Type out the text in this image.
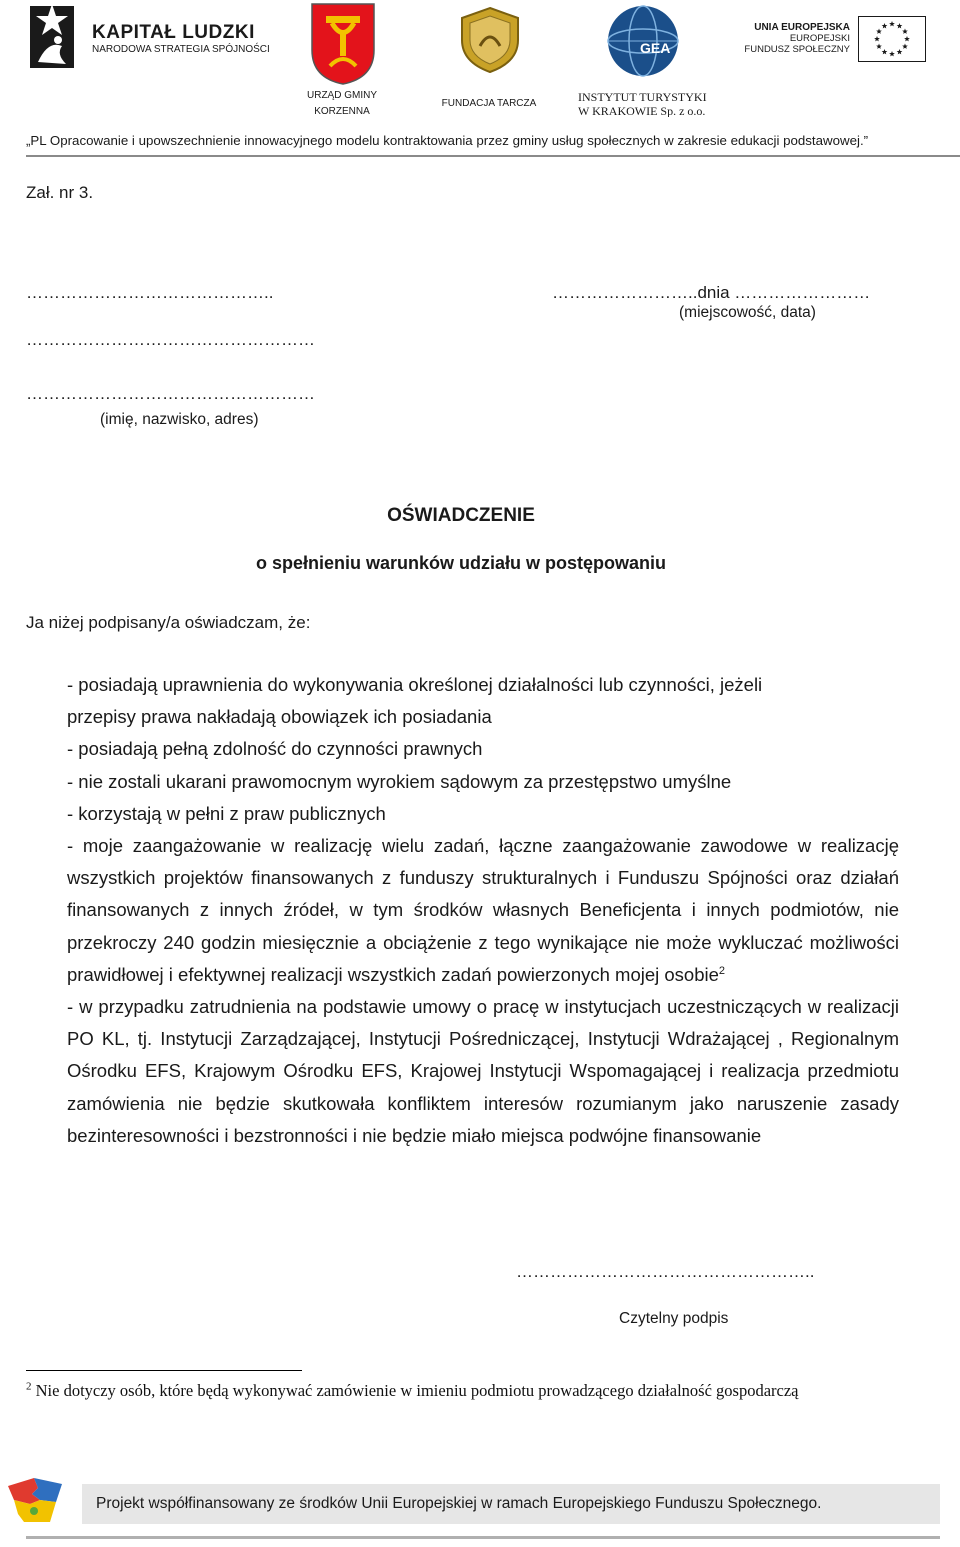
KAPITAŁ LUDZKI
NARODOWA STRATEGIA SPÓJNOŚCI
URZĄD GMINY
KORZENNA
FUNDACJA TARCZA
GEA
INSTYTUT TURYSTYKI
W KRAKOWIE Sp. z o.o.
UNIA EUROPEJSKA
EUROPEJSKI
FUNDUSZ SPOŁECZNY
„PL Opracowanie i upowszechnienie innowacyjnego modelu kontraktowania przez gminy usług społecznych w zakresie edukacji podstawowej.”
Zał. nr 3.
……………………………………..
……………………………………………
……………………………………………
(imię, nazwisko, adres)
……………………..dnia ……………………
(miejscowość, data)
OŚWIADCZENIE
o spełnieniu warunków udziału w postępowaniu
Ja niżej podpisany/a oświadczam, że:

- posiadają uprawnienia do wykonywania określonej działalności lub czynności, jeżeli
przepisy prawa nakładają obowiązek ich posiadania

- posiadają pełną zdolność do czynności prawnych

- nie zostali ukarani prawomocnym wyrokiem sądowym za przestępstwo umyślne

- korzystają w pełni z praw publicznych

- moje zaangażowanie w realizację wielu zadań, łączne zaangażowanie zawodowe w realizację wszystkich projektów finansowanych z funduszy strukturalnych i Funduszu Spójności oraz działań finansowanych z innych źródeł, w tym środków własnych Beneficjenta i innych podmiotów, nie przekroczy 240 godzin miesięcznie a obciążenie z tego wynikające nie może wykluczać możliwości prawidłowej i efektywnej realizacji wszystkich zadań powierzonych mojej osobie$^2$

- w przypadku zatrudnienia na podstawie umowy o pracę w instytucjach uczestniczących w realizacji PO KL, tj. Instytucji Zarządzającej, Instytucji Pośredniczącej, Instytucji Wdrażającej , Regionalnym Ośrodku EFS, Krajowym Ośrodku EFS, Krajowej Instytucji Wspomagającej i realizacja przedmiotu zamówienia nie będzie skutkowała konfliktem interesów rozumianym jako naruszenie zasady bezinteresowności i bezstronności i nie będzie miało miejsca podwójne finansowanie

……………………………………………..
Czytelny podpis
$^2$ Nie dotyczy osób, które będą wykonywać zamówienie w imieniu podmiotu prowadzącego działalność gospodarczą
Projekt współfinansowany ze środków Unii Europejskiej w ramach Europejskiego Funduszu Społecznego.
